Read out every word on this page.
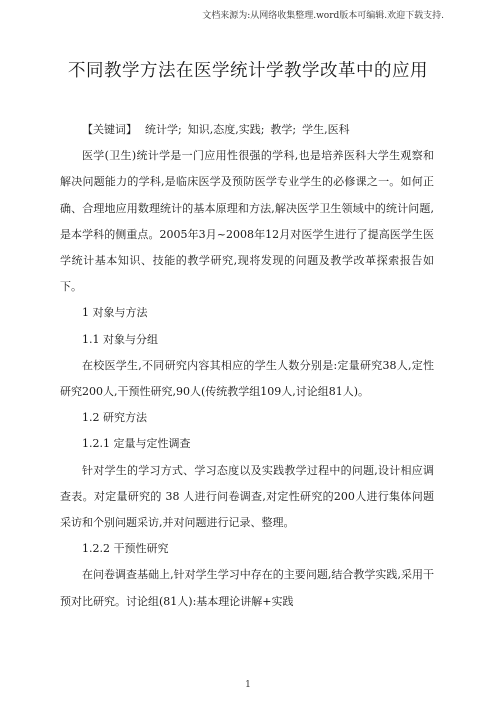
文档来源为:从网络收集整理.word版本可编辑.欢迎下载支持.
不同教学方法在医学统计学教学改革中的应用

【关键词】 统计学; 知识,态度,实践; 教学; 学生,医科

医学(卫生)统计学是一门应用性很强的学科,也是培养医科大学生观察和解决问题能力的学科,是临床医学及预防医学专业学生的必修课之一。如何正确、合理地应用数理统计的基本原理和方法,解决医学卫生领域中的统计问题,是本学科的侧重点。2005年3月~2008年12月对医学生进行了提高医学生医学统计基本知识、技能的教学研究,现将发现的问题及教学改革探索报告如下。

1 对象与方法

1.1 对象与分组

在校医学生,不同研究内容其相应的学生人数分别是:定量研究38人,定性研究200人,干预性研究,90人(传统教学组109人,讨论组81人)。

1.2 研究方法

1.2.1 定量与定性调查

针对学生的学习方式、学习态度以及实践教学过程中的问题,设计相应调查表。对定量研究的 38 人进行问卷调查,对定性研究的200人进行集体问题采访和个别问题采访,并对问题进行记录、整理。

1.2.2 干预性研究

在问卷调查基础上,针对学生学习中存在的主要问题,结合教学实践,采用干预对比研究。讨论组(81人):基本理论讲解+实践

1
